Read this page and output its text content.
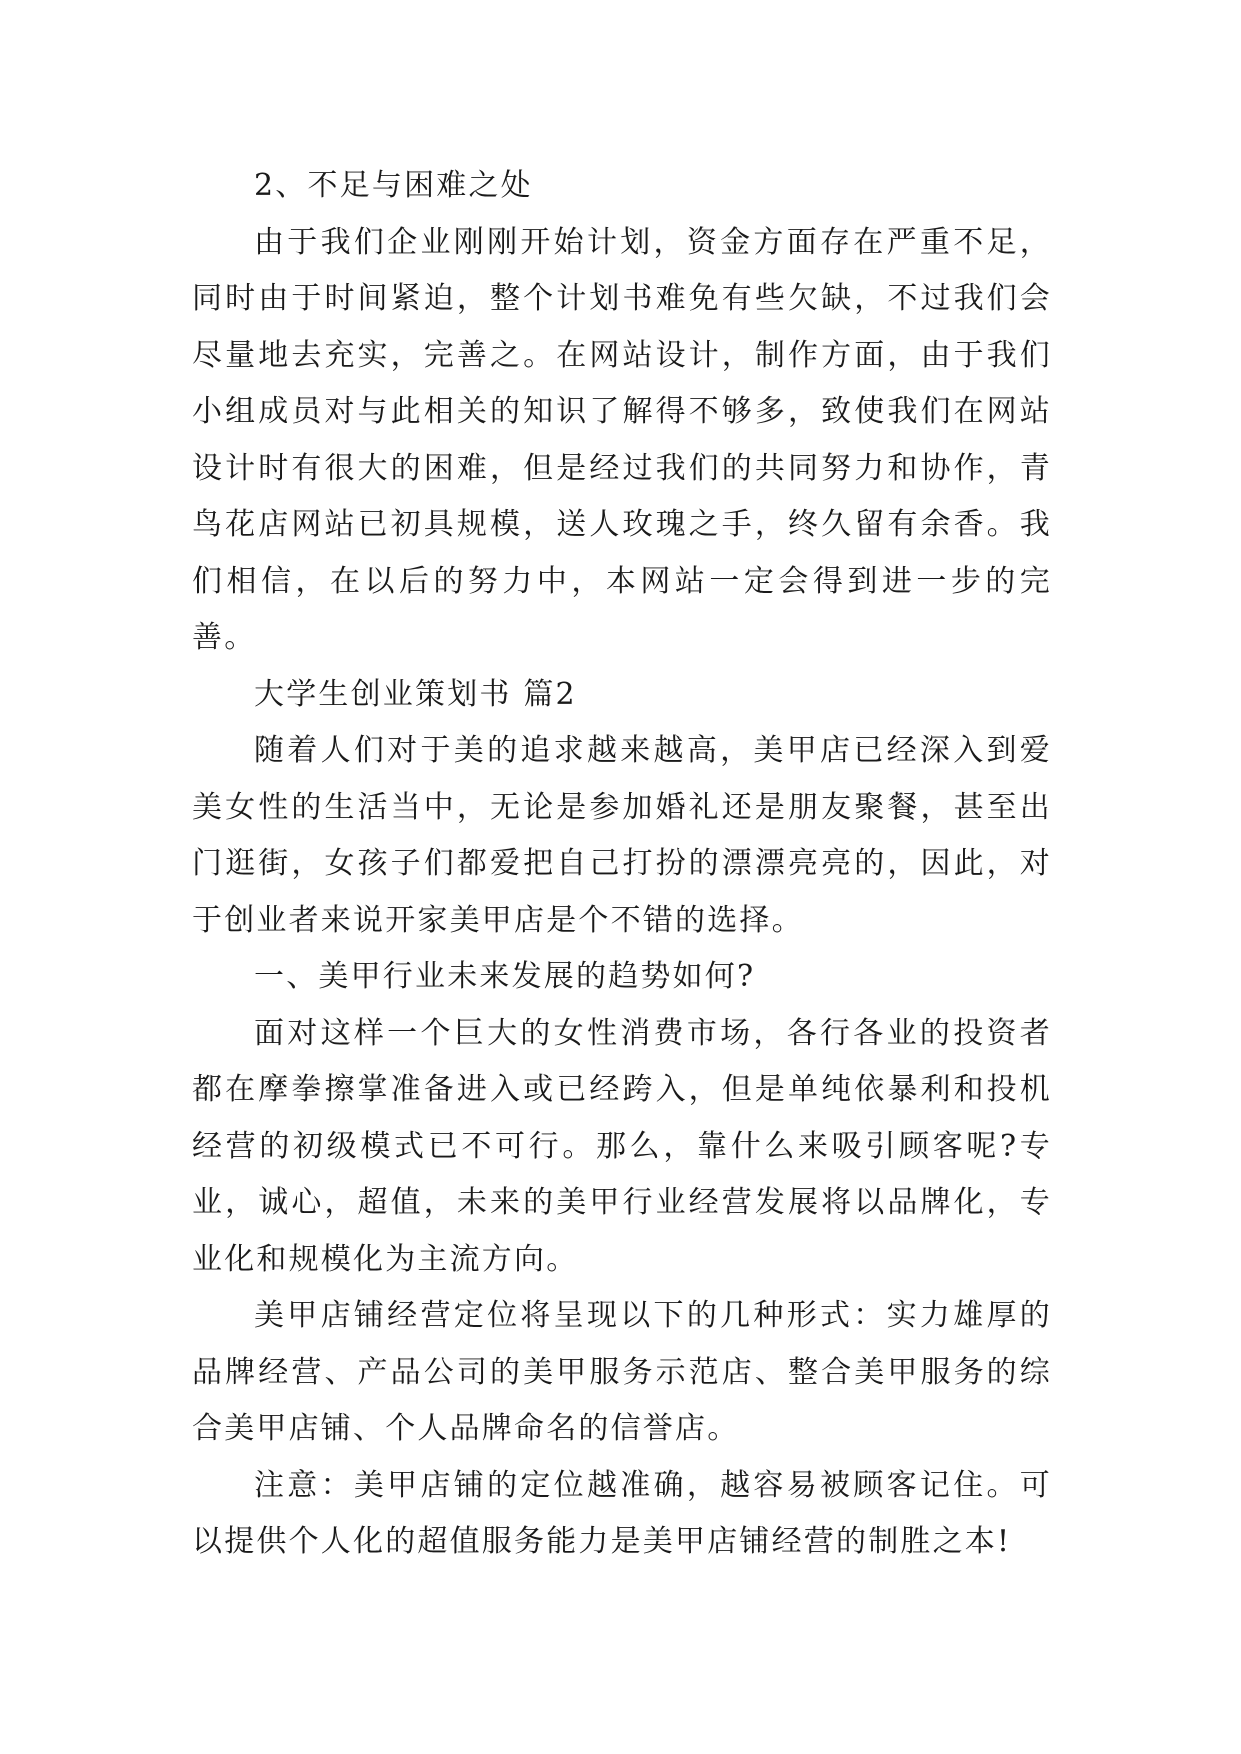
2、不足与困难之处

由于我们企业刚刚开始计划，资金方面存在严重不足，同时由于时间紧迫，整个计划书难免有些欠缺，不过我们会尽量地去充实，完善之。在网站设计，制作方面，由于我们小组成员对与此相关的知识了解得不够多，致使我们在网站设计时有很大的困难，但是经过我们的共同努力和协作，青鸟花店网站已初具规模，送人玫瑰之手，终久留有余香。我们相信，在以后的努力中，本网站一定会得到进一步的完善。

大学生创业策划书 篇2

随着人们对于美的追求越来越高，美甲店已经深入到爱美女性的生活当中，无论是参加婚礼还是朋友聚餐，甚至出门逛街，女孩子们都爱把自己打扮的漂漂亮亮的，因此，对于创业者来说开家美甲店是个不错的选择。

一、美甲行业未来发展的趋势如何?

面对这样一个巨大的女性消费市场，各行各业的投资者都在摩拳擦掌准备进入或已经跨入，但是单纯依暴利和投机经营的初级模式已不可行。那么，靠什么来吸引顾客呢?专业，诚心，超值，未来的美甲行业经营发展将以品牌化，专业化和规模化为主流方向。

美甲店铺经营定位将呈现以下的几种形式：实力雄厚的品牌经营、产品公司的美甲服务示范店、整合美甲服务的综合美甲店铺、个人品牌命名的信誉店。

注意：美甲店铺的定位越准确，越容易被顾客记住。可以提供个人化的超值服务能力是美甲店铺经营的制胜之本!
